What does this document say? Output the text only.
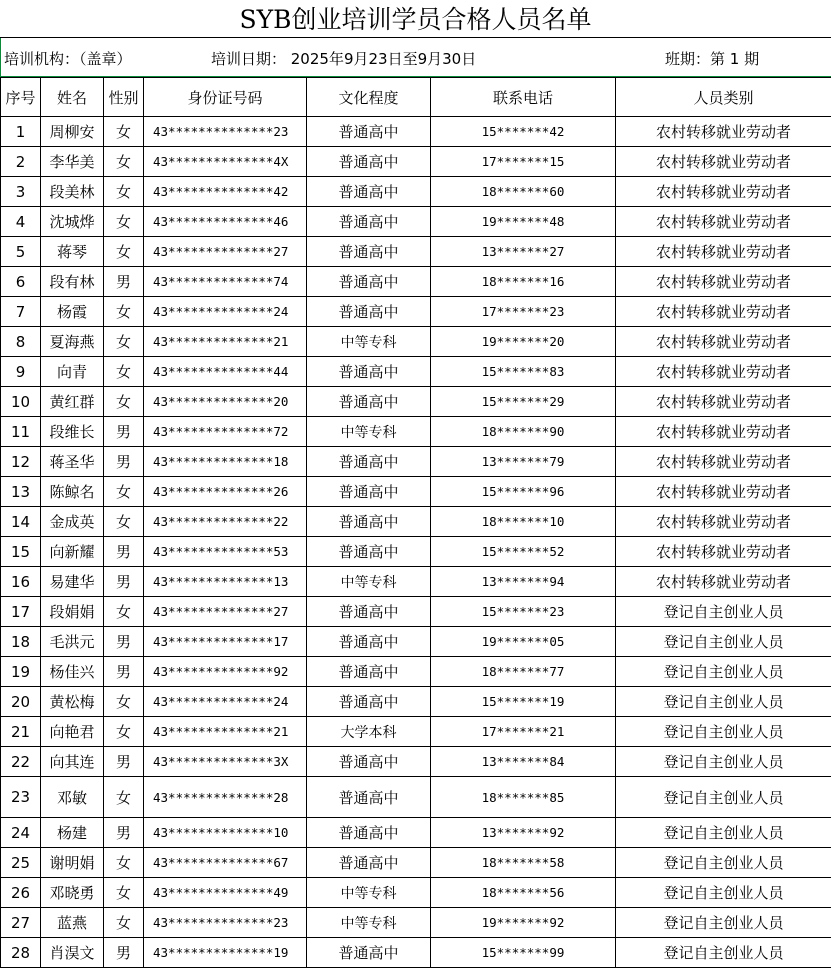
SYB创业培训学员合格人员名单
培训机构：（盖章）	培训日期： 2025年9月23日至9月30日	班期：第 1 期
序号	姓名	性别	身份证号码	文化程度	联系电话	人员类别
1	周柳安	女	43**************23	普通高中	15*******42	农村转移就业劳动者
2	李华美	女	43**************4X	普通高中	17*******15	农村转移就业劳动者
3	段美林	女	43**************42	普通高中	18*******60	农村转移就业劳动者
4	沈城烨	女	43**************46	普通高中	19*******48	农村转移就业劳动者
5	蒋琴	女	43**************27	普通高中	13*******27	农村转移就业劳动者
6	段有林	男	43**************74	普通高中	18*******16	农村转移就业劳动者
7	杨霞	女	43**************24	普通高中	17*******23	农村转移就业劳动者
8	夏海燕	女	43**************21	中等专科	19*******20	农村转移就业劳动者
9	向青	女	43**************44	普通高中	15*******83	农村转移就业劳动者
10	黄红群	女	43**************20	普通高中	15*******29	农村转移就业劳动者
11	段维长	男	43**************72	中等专科	18*******90	农村转移就业劳动者
12	蒋圣华	男	43**************18	普通高中	13*******79	农村转移就业劳动者
13	陈鲸名	女	43**************26	普通高中	15*******96	农村转移就业劳动者
14	金成英	女	43**************22	普通高中	18*******10	农村转移就业劳动者
15	向新耀	男	43**************53	普通高中	15*******52	农村转移就业劳动者
16	易建华	男	43**************13	中等专科	13*******94	农村转移就业劳动者
17	段娟娟	女	43**************27	普通高中	15*******23	登记自主创业人员
18	毛洪元	男	43**************17	普通高中	19*******05	登记自主创业人员
19	杨佳兴	男	43**************92	普通高中	18*******77	登记自主创业人员
20	黄松梅	女	43**************24	普通高中	15*******19	登记自主创业人员
21	向艳君	女	43**************21	大学本科	17*******21	登记自主创业人员
22	向其连	男	43**************3X	普通高中	13*******84	登记自主创业人员
23	邓敏	女	43**************28	普通高中	18*******85	登记自主创业人员
24	杨建	男	43**************10	普通高中	13*******92	登记自主创业人员
25	谢明娟	女	43**************67	普通高中	18*******58	登记自主创业人员
26	邓晓勇	女	43**************49	中等专科	18*******56	登记自主创业人员
27	蓝燕	女	43**************23	中等专科	19*******92	登记自主创业人员
28	肖淏文	男	43**************19	普通高中	15*******99	登记自主创业人员
